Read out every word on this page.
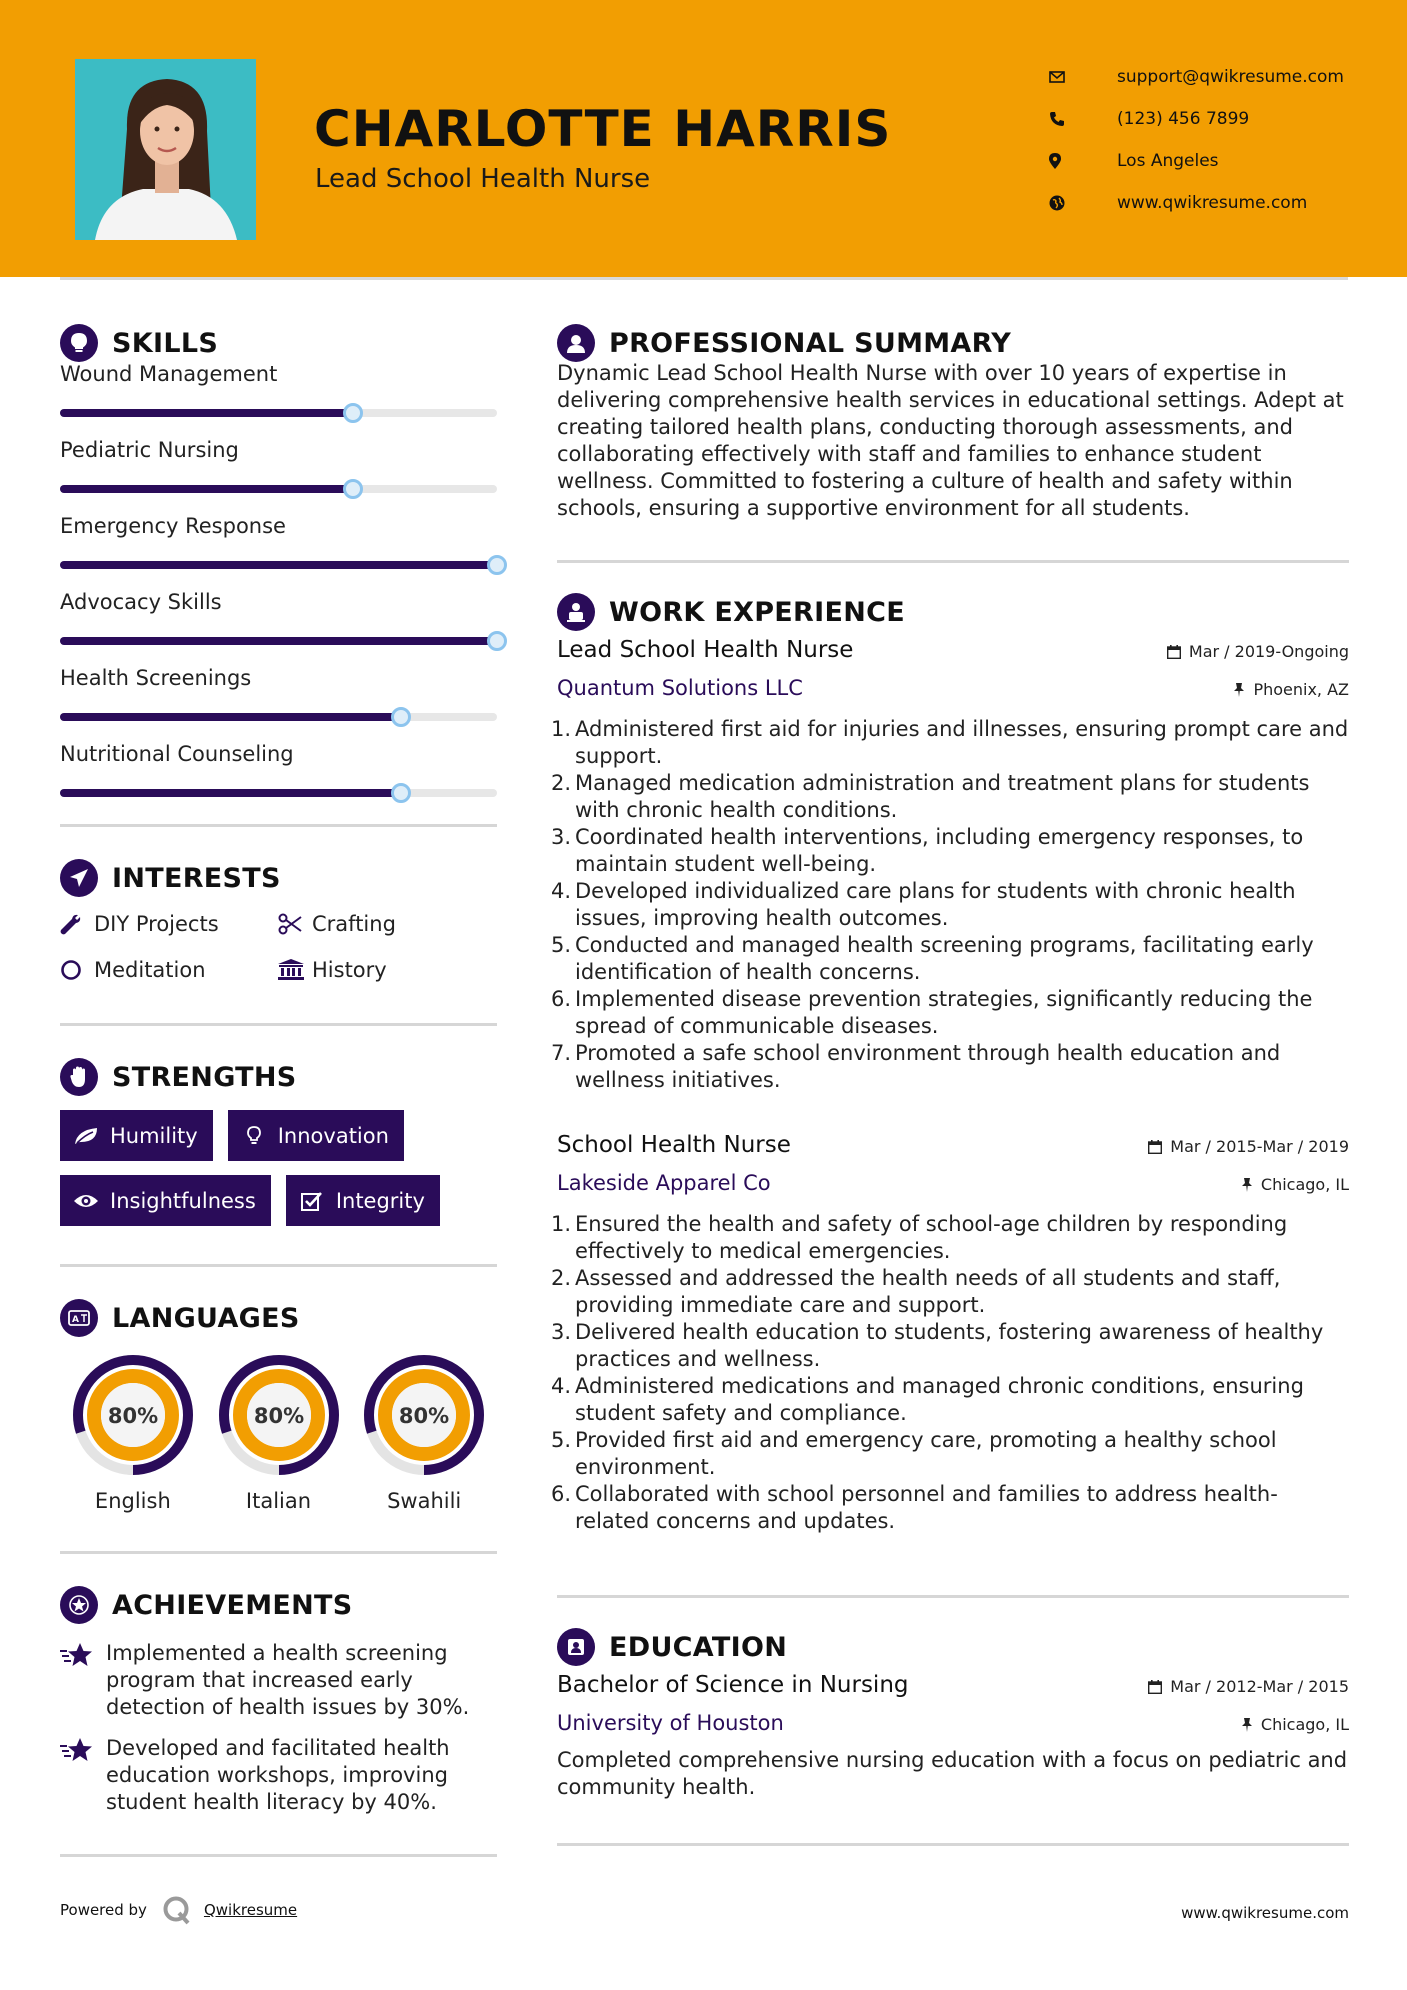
CHARLOTTE HARRIS
Lead School Health Nurse
support@qwikresume.com
(123) 456 7899
Los Angeles
www.qwikresume.com
SKILLS
Wound Management
Pediatric Nursing
Emergency Response
Advocacy Skills
Health Screenings
Nutritional Counseling
INTERESTS
DIY Projects	Crafting
Meditation	History
STRENGTHS
Humility	Innovation
Insightfulness	Integrity
A LANGUAGES
80%
English
80%
Italian
80%
Swahili
ACHIEVEMENTS
Implemented a health screening program that increased early detection of health issues by 30%.
Developed and facilitated health education workshops, improving student health literacy by 40%.
PROFESSIONAL SUMMARY
Dynamic Lead School Health Nurse with over 10 years of expertise in delivering comprehensive health services in educational settings. Adept at creating tailored health plans, conducting thorough assessments, and collaborating effectively with staff and families to enhance student wellness. Committed to fostering a culture of health and safety within schools, ensuring a supportive environment for all students.
WORK EXPERIENCE
Lead School Health Nurse	Mar / 2019-Ongoing
Quantum Solutions LLC	Phoenix, AZ
1. Administered first aid for injuries and illnesses, ensuring prompt care and support.
2. Managed medication administration and treatment plans for students with chronic health conditions.
3. Coordinated health interventions, including emergency responses, to maintain student well-being.
4. Developed individualized care plans for students with chronic health issues, improving health outcomes.
5. Conducted and managed health screening programs, facilitating early identification of health concerns.
6. Implemented disease prevention strategies, significantly reducing the spread of communicable diseases.
7. Promoted a safe school environment through health education and wellness initiatives.
School Health Nurse	Mar / 2015-Mar / 2019
Lakeside Apparel Co	Chicago, IL
1. Ensured the health and safety of school-age children by responding effectively to medical emergencies.
2. Assessed and addressed the health needs of all students and staff, providing immediate care and support.
3. Delivered health education to students, fostering awareness of healthy practices and wellness.
4. Administered medications and managed chronic conditions, ensuring student safety and compliance.
5. Provided first aid and emergency care, promoting a healthy school environment.
6. Collaborated with school personnel and families to address health-related concerns and updates.
EDUCATION
Bachelor of Science in Nursing	Mar / 2012-Mar / 2015
University of Houston	Chicago, IL
Completed comprehensive nursing education with a focus on pediatric and community health.
Powered by	Qwikresume	www.qwikresume.com
